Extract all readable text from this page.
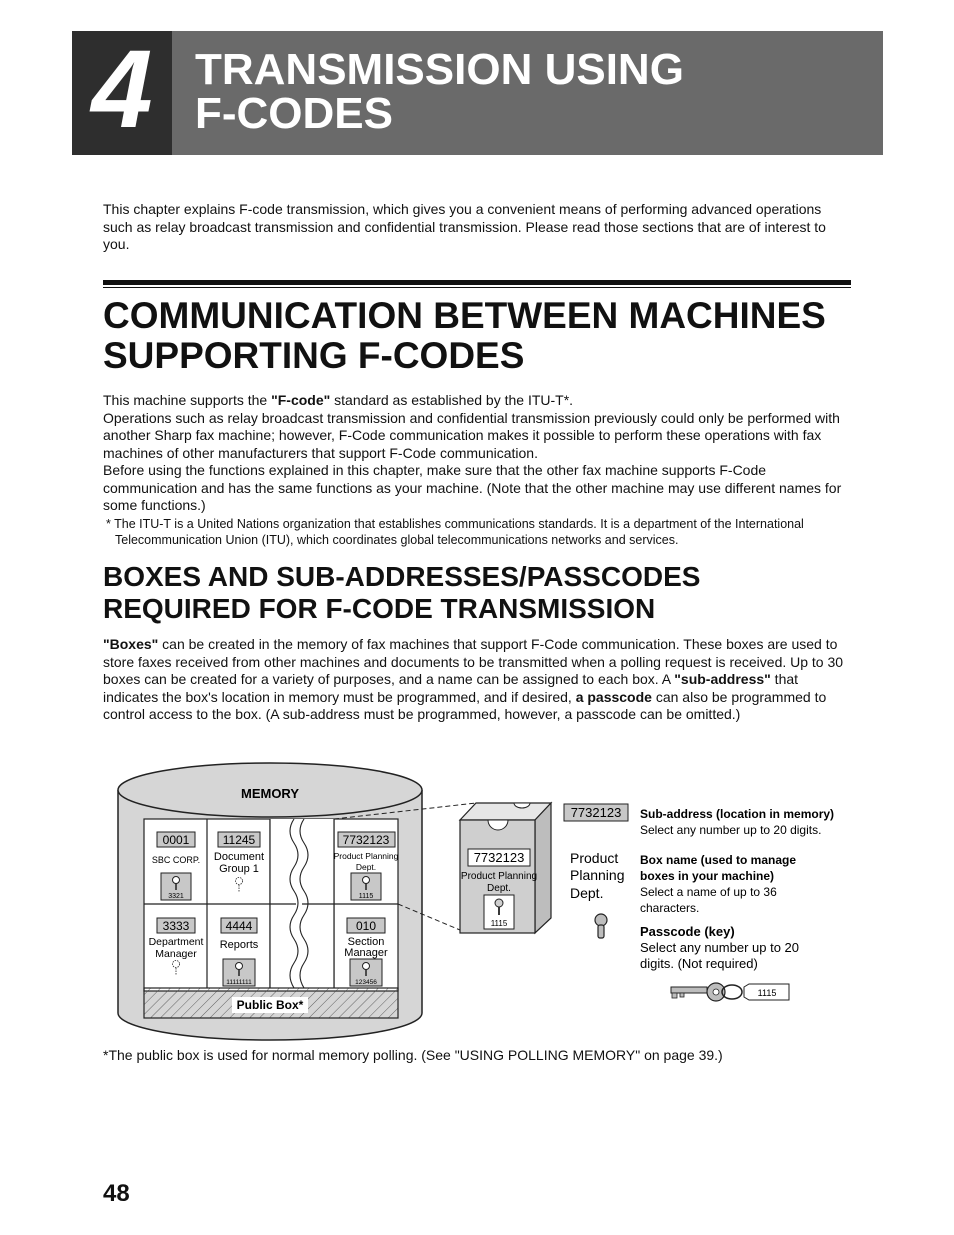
4 TRANSMISSION USING
F-CODES
This chapter explains F-code transmission, which gives you a convenient means of performing advanced operations such as relay broadcast transmission and confidential transmission. Please read those sections that are of interest to you.
COMMUNICATION BETWEEN MACHINES
SUPPORTING F-CODES
This machine supports the "F-code" standard as established by the ITU-T*.
Operations such as relay broadcast transmission and confidential transmission previously could only be performed with another Sharp fax machine; however, F-Code communication makes it possible to perform these operations with fax machines of other manufacturers that support F-Code communication.
Before using the functions explained in this chapter, make sure that the other fax machine supports F-Code communication and has the same functions as your machine. (Note that the other machine may use different names for some functions.)
* The ITU-T is a United Nations organization that establishes communications standards. It is a department of the International
Telecommunication Union (ITU), which coordinates global telecommunications networks and services.
BOXES AND SUB-ADDRESSES/PASSCODES
REQUIRED FOR F-CODE TRANSMISSION
"Boxes" can be created in the memory of fax machines that support F-Code communication. These boxes are used to store faxes received from other machines and documents to be transmitted when a polling request is received. Up to 30 boxes can be created for a variety of purposes, and a name can be assigned to each box. A "sub-address" that indicates the box's location in memory must be programmed, and if desired, a passcode can also be programmed to control access to the box. (A sub-address must be programmed, however, a passcode can be omitted.)
MEMORY
Public Box*
0001
SBC CORP.
3321
11245
Document
Group 1
7732123
Product Planning
Dept.
1115
3333
Department
Manager
4444
Reports
11111111
010
Section
Manager
123456
7732123
Product Planning
Dept.
1115
Product
Planning
Dept.
7732123 Sub-address (location in memory)
Select any number up to 20 digits.
Box name (used to manage
boxes in your machine)
Select a name of up to 36
characters.
Passcode (key)
Select any number up to 20
digits. (Not required)
1115
*The public box is used for normal memory polling. (See "USING POLLING MEMORY" on page 39.)
48
